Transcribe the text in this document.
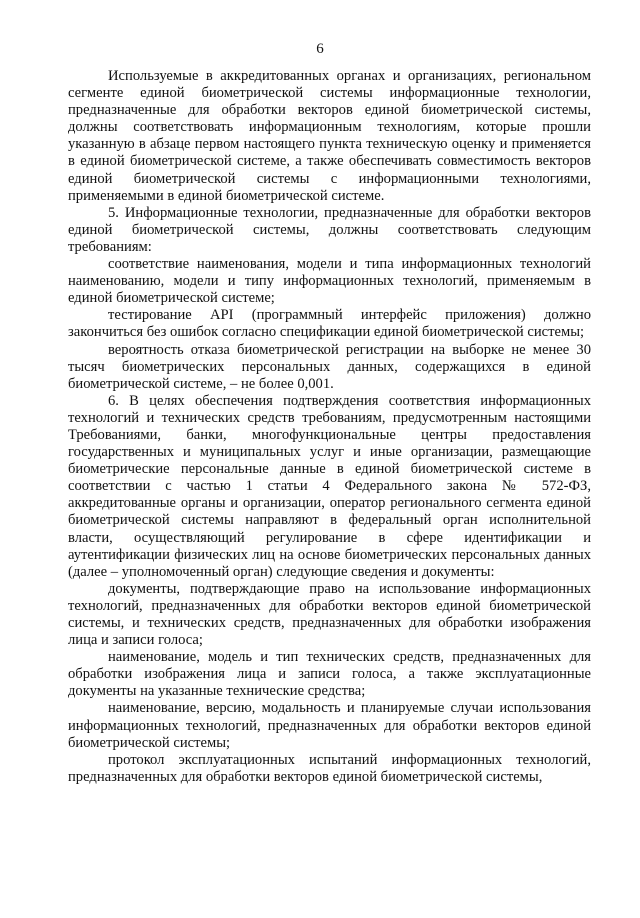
6

Используемые в аккредитованных органах и организациях, региональном сегменте единой биометрической системы информационные технологии, предназначенные для обработки векторов единой биометрической системы, должны соответствовать информационным технологиям, которые прошли указанную в абзаце первом настоящего пункта техническую оценку и применяется в единой биометрической системе, а также обеспечивать совместимость векторов единой биометрической системы с информационными технологиями, применяемыми в единой биометрической системе.

5. Информационные технологии, предназначенные для обработки векторов единой биометрической системы, должны соответствовать следующим требованиям:

соответствие наименования, модели и типа информационных технологий наименованию, модели и типу информационных технологий, применяемым в единой биометрической системе;

тестирование API (программный интерфейс приложения) должно закончиться без ошибок согласно спецификации единой биометрической системы;

вероятность отказа биометрической регистрации на выборке не менее 30 тысяч биометрических персональных данных, содержащихся в единой биометрической системе, – не более 0,001.

6. В целях обеспечения подтверждения соответствия информационных технологий и технических средств требованиям, предусмотренным настоящими Требованиями, банки, многофункциональные центры предоставления государственных и муниципальных услуг и иные организации, размещающие биометрические персональные данные в единой биометрической системе в соответствии с частью 1 статьи 4 Федерального закона № 572-ФЗ, аккредитованные органы и организации, оператор регионального сегмента единой биометрической системы направляют в федеральный орган исполнительной власти, осуществляющий регулирование в сфере идентификации и аутентификации физических лиц на основе биометрических персональных данных (далее – уполномоченный орган) следующие сведения и документы:

документы, подтверждающие право на использование информационных технологий, предназначенных для обработки векторов единой биометрической системы, и технических средств, предназначенных для обработки изображения лица и записи голоса;

наименование, модель и тип технических средств, предназначенных для обработки изображения лица и записи голоса, а также эксплуатационные документы на указанные технические средства;

наименование, версию, модальность и планируемые случаи использования информационных технологий, предназначенных для обработки векторов единой биометрической системы;

протокол эксплуатационных испытаний информационных технологий, предназначенных для обработки векторов единой биометрической системы,
